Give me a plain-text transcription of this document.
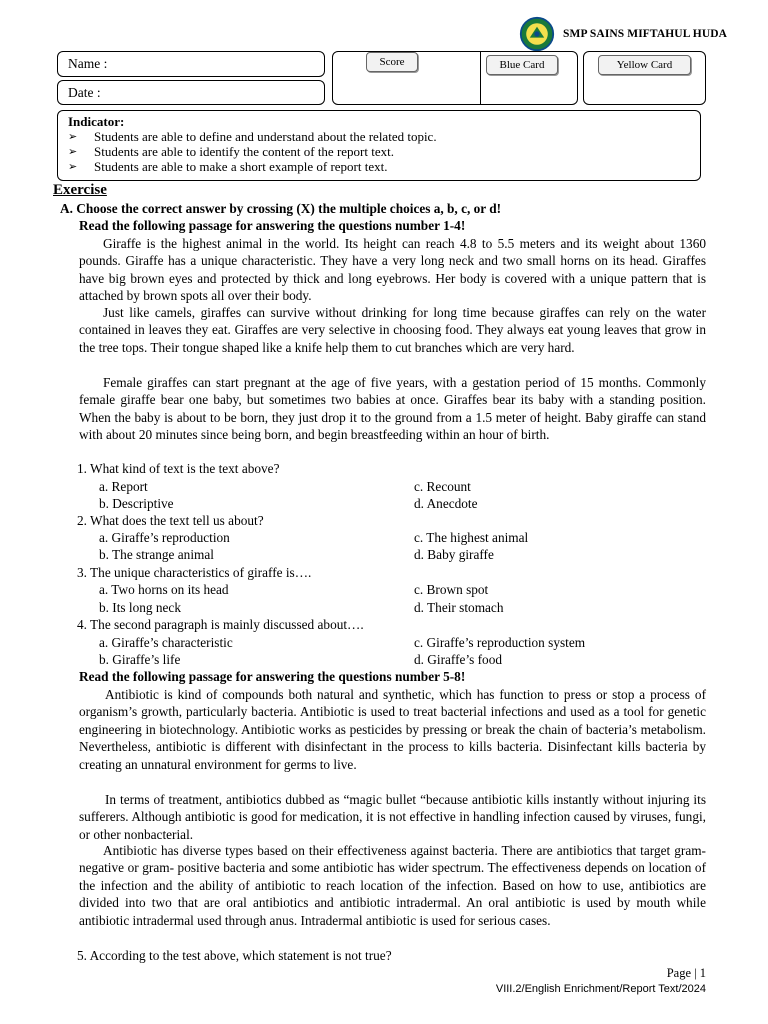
SMP SAINS MIFTAHUL HUDA
Name :
Date :
Score	Blue Card	Yellow Card
Indicator:
➢	Students are able to define and understand about the related topic.
➢	Students are able to identify the content of the report text.
➢	Students are able to make a short example of report text.
Exercise
A. Choose the correct answer by crossing (X) the multiple choices a, b, c, or d!
Read the following passage for answering the questions number 1-4!
Giraffe is the highest animal in the world. Its height can reach 4.8 to 5.5 meters and its weight about 1360 pounds. Giraffe has a unique characteristic. They have a very long neck and two small horns on its head. Giraffes have big brown eyes and protected by thick and long eyebrows. Her body is covered with a unique pattern that is attached by brown spots all over their body.
Just like camels, giraffes can survive without drinking for long time because giraffes can rely on the water contained in leaves they eat. Giraffes are very selective in choosing food. They always eat young leaves that grow in the tree tops. Their tongue shaped like a knife help them to cut branches which are very hard.
Female giraffes can start pregnant at the age of five years, with a gestation period of 15 months. Commonly female giraffe bear one baby, but sometimes two babies at once. Giraffes bear its baby with a standing position. When the baby is about to be born, they just drop it to the ground from a 1.5 meter of height. Baby giraffe can stand with about 20 minutes since being born, and begin breastfeeding within an hour of birth.
1. What kind of text is the text above?
a. Report
b. Descriptive
c. Recount
d. Anecdote
2. What does the text tell us about?
a. Giraffe’s reproduction
b. The strange animal
c. The highest animal
d. Baby giraffe
3. The unique characteristics of giraffe is….
a. Two horns on its head
b. Its long neck
c. Brown spot
d. Their stomach
4. The second paragraph is mainly discussed about….
a. Giraffe’s characteristic
b. Giraffe’s life
c. Giraffe’s reproduction system
d. Giraffe’s food
Read the following passage for answering the questions number 5-8!
Antibiotic is kind of compounds both natural and synthetic, which has function to press or stop a process of organism’s growth, particularly bacteria. Antibiotic is used to treat bacterial infections and used as a tool for genetic engineering in biotechnology. Antibiotic works as pesticides by pressing or break the chain of bacteria’s metabolism. Nevertheless, antibiotic is different with disinfectant in the process to kills bacteria. Disinfectant kills bacteria by creating an unnatural environment for germs to live.
In terms of treatment, antibiotics dubbed as “magic bullet “because antibiotic kills instantly without injuring its sufferers. Although antibiotic is good for medication, it is not effective in handling infection caused by viruses, fungi, or other nonbacterial.
Antibiotic has diverse types based on their effectiveness against bacteria. There are antibiotics that target gram- negative or gram- positive bacteria and some antibiotic has wider spectrum. The effectiveness depends on location of the infection and the ability of antibiotic to reach location of the infection. Based on how to use, antibiotics are divided into two that are oral antibiotics and antibiotic intradermal. An oral antibiotic is used by mouth while antibiotic intradermal used through anus. Intradermal antibiotic is used for serious cases.
5. According to the test above, which statement is not true?
Page | 1
VIII.2/English Enrichment/Report Text/2024
